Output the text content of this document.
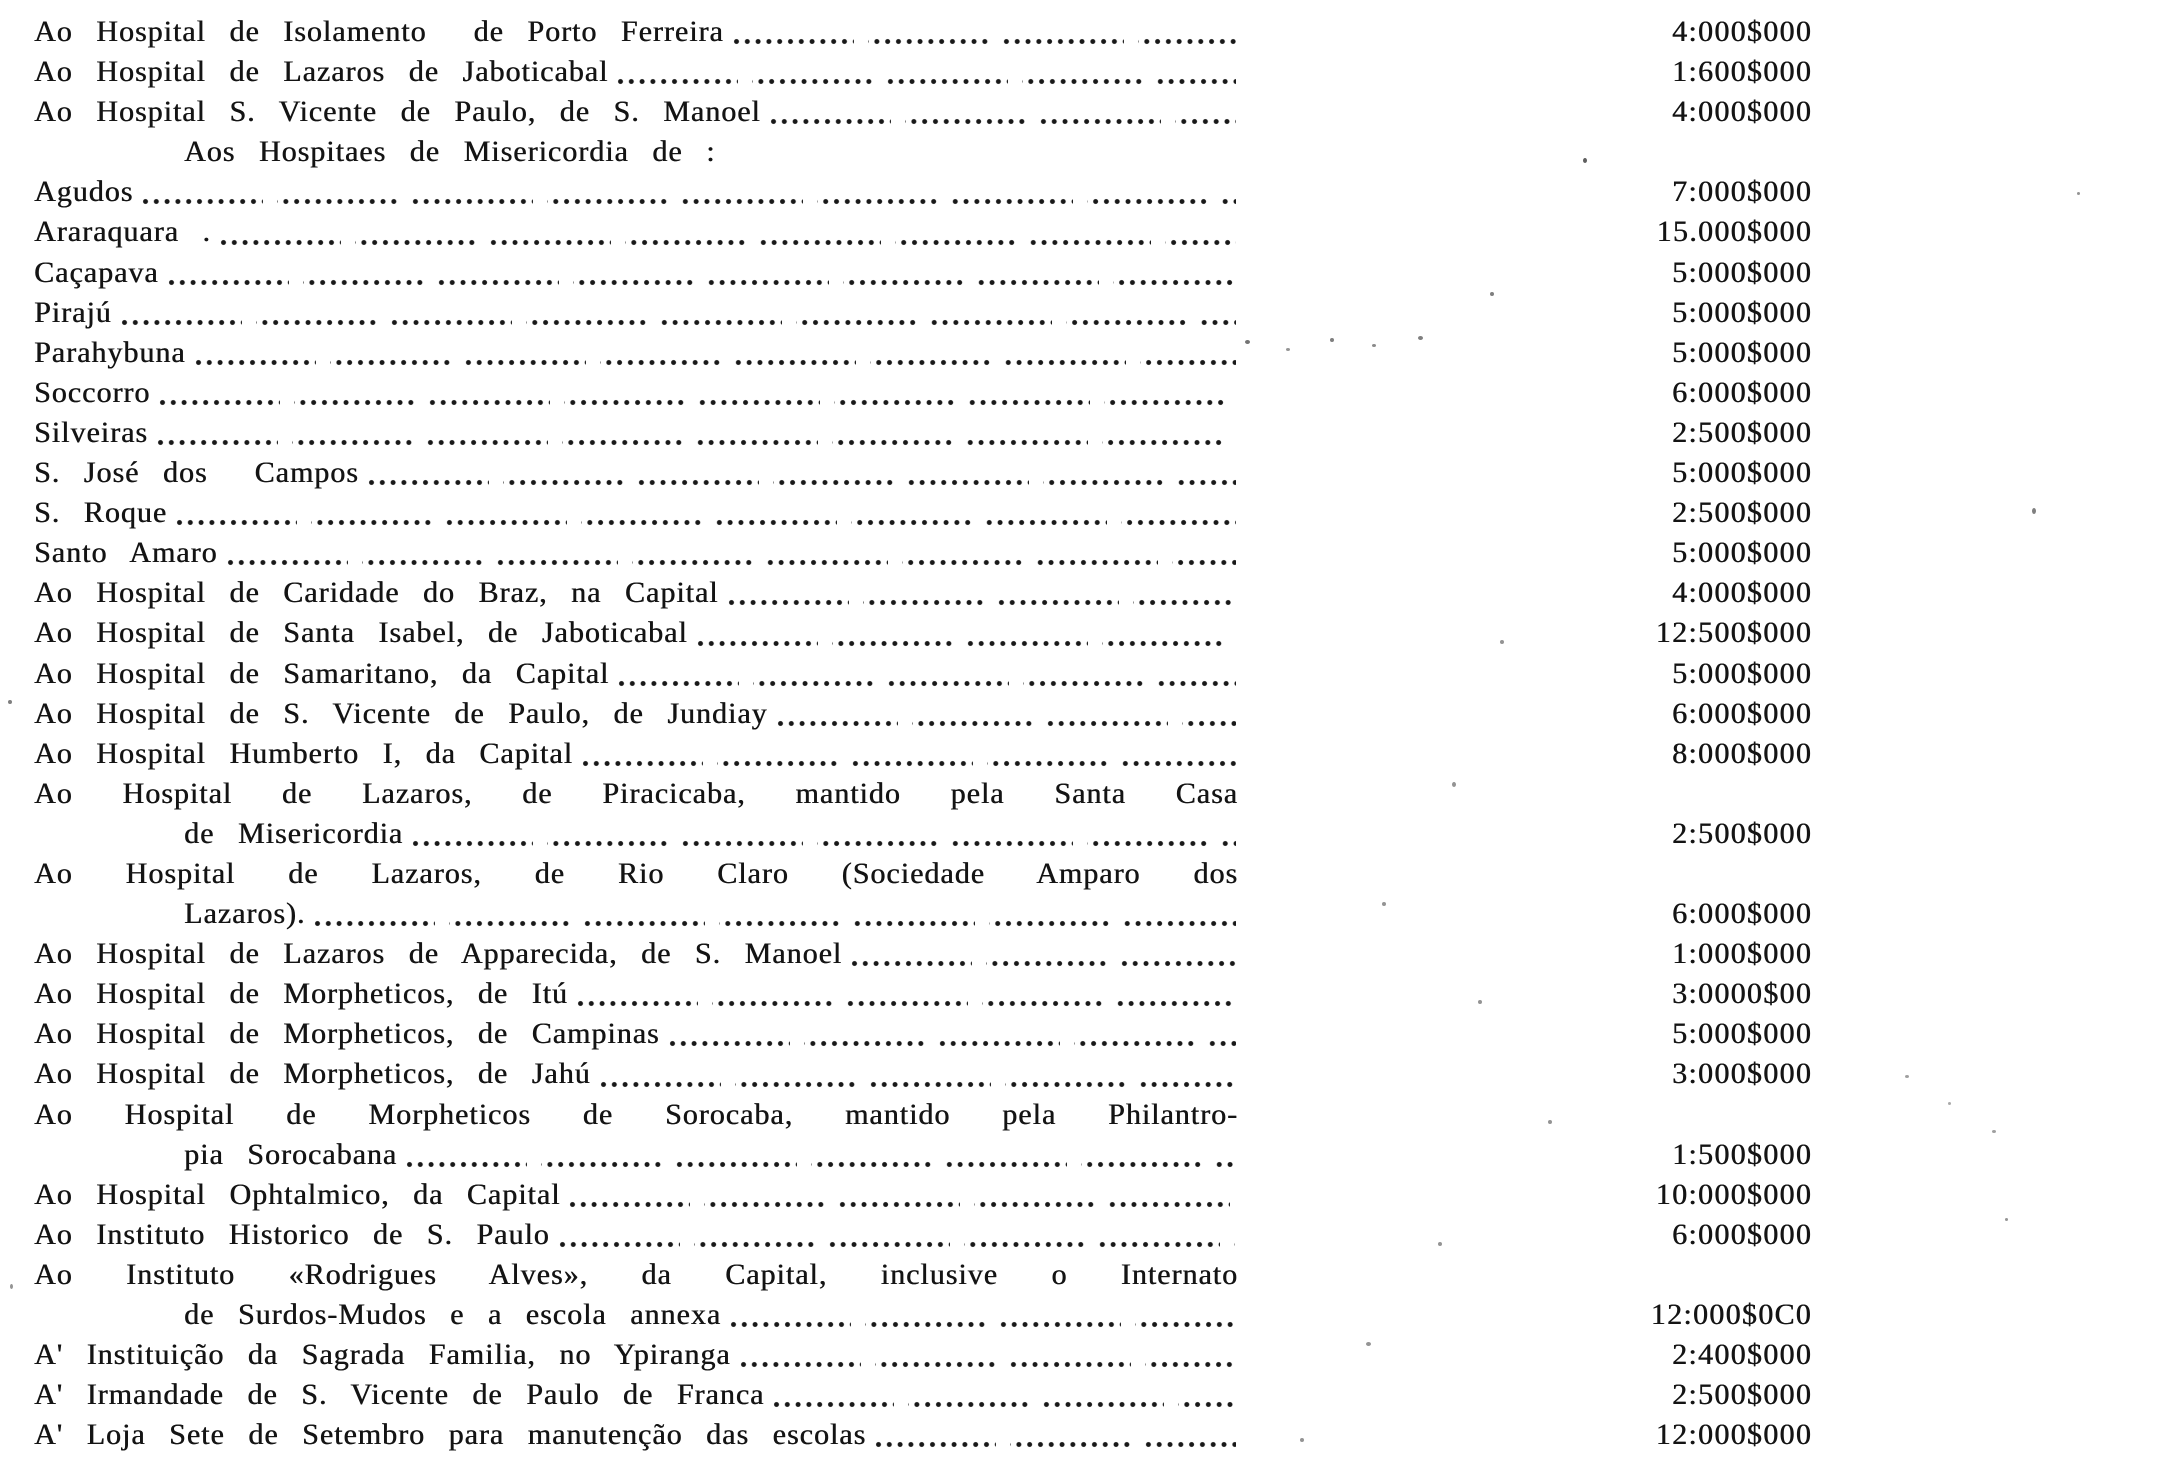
Ao Hospital de Isolamento  de Porto Ferreira	4:000$000
Ao Hospital de Lazaros de Jaboticabal	1:600$000
Ao Hospital S. Vicente de Paulo, de S. Manoel	4:000$000
Aos Hospitaes de Misericordia de :
Agudos	7:000$000
Araraquara .	15.000$000
Caçapava	5:000$000
Pirajú	5:000$000
Parahybuna	5:000$000
Soccorro	6:000$000
Silveiras	2:500$000
S. José dos  Campos	5:000$000
S. Roque	2:500$000
Santo Amaro	5:000$000
Ao Hospital de Caridade do Braz, na Capital	4:000$000
Ao Hospital de Santa Isabel, de Jaboticabal	12:500$000
Ao Hospital de Samaritano, da Capital	5:000$000
Ao Hospital de S. Vicente de Paulo, de Jundiay	6:000$000
Ao Hospital Humberto I, da Capital	8:000$000
Ao Hospital de Lazaros, de Piracicaba, mantido pela Santa Casa
de Misericordia	2:500$000
Ao Hospital de Lazaros, de Rio Claro (Sociedade Amparo dos
Lazaros).	6:000$000
Ao Hospital de Lazaros de Apparecida, de S. Manoel	1:000$000
Ao Hospital de Morpheticos, de Itú	3:0000$00
Ao Hospital de Morpheticos, de Campinas	5:000$000
Ao Hospital de Morpheticos, de Jahú	3:000$000
Ao Hospital de Morpheticos de Sorocaba, mantido pela Philantro-
pia Sorocabana	1:500$000
Ao Hospital Ophtalmico, da Capital	10:000$000
Ao Instituto Historico de S. Paulo	6:000$000
Ao Instituto «Rodrigues Alves», da Capital, inclusive o Internato
de Surdos-Mudos e a escola annexa	12:000$0C0
A' Instituição da Sagrada Familia, no Ypiranga	2:400$000
A' Irmandade de S. Vicente de Paulo de Franca	2:500$000
A' Loja Sete de Setembro para manutenção das escolas	12:000$000
